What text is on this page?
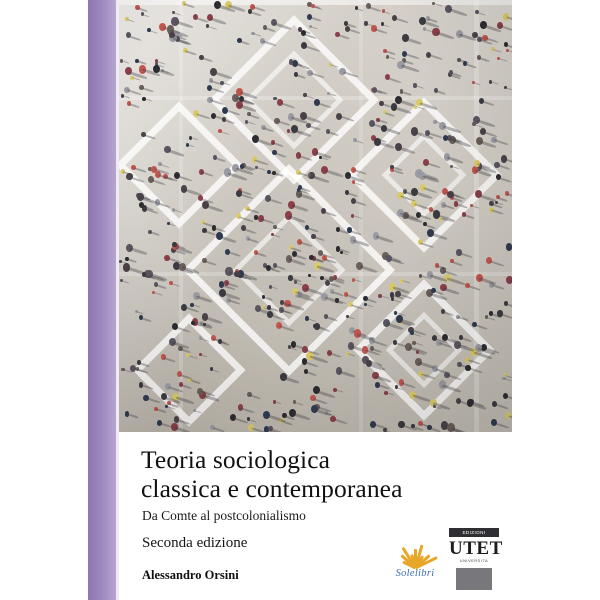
Teoria sociologica
classica e contemporanea
Da Comte al postcolonialismo
Seconda edizione
Alessandro Orsini	Solelibri
EDIZIONI
UTET
UNIVERSITA
